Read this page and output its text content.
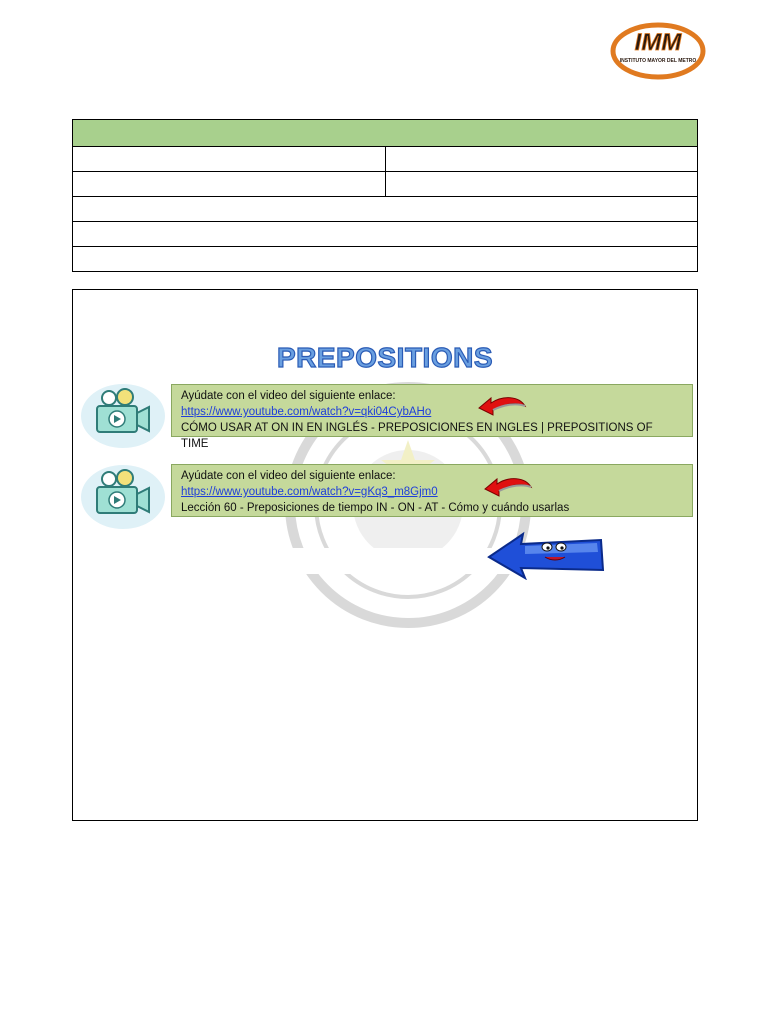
IMM
INSTITUTO MAYOR DEL METRO

PREPOSITIONS
Ayúdate con el video del siguiente enlace:
https://www.youtube.com/watch?v=qki04CybAHo
CÓMO USAR AT ON IN EN INGLÉS - PREPOSICIONES EN INGLES | PREPOSITIONS OF TIME
Ayúdate con el video del siguiente enlace:
https://www.youtube.com/watch?v=gKq3_m8Gjm0
Lección 60 - Preposiciones de tiempo IN - ON - AT - Cómo y cuándo usarlas
